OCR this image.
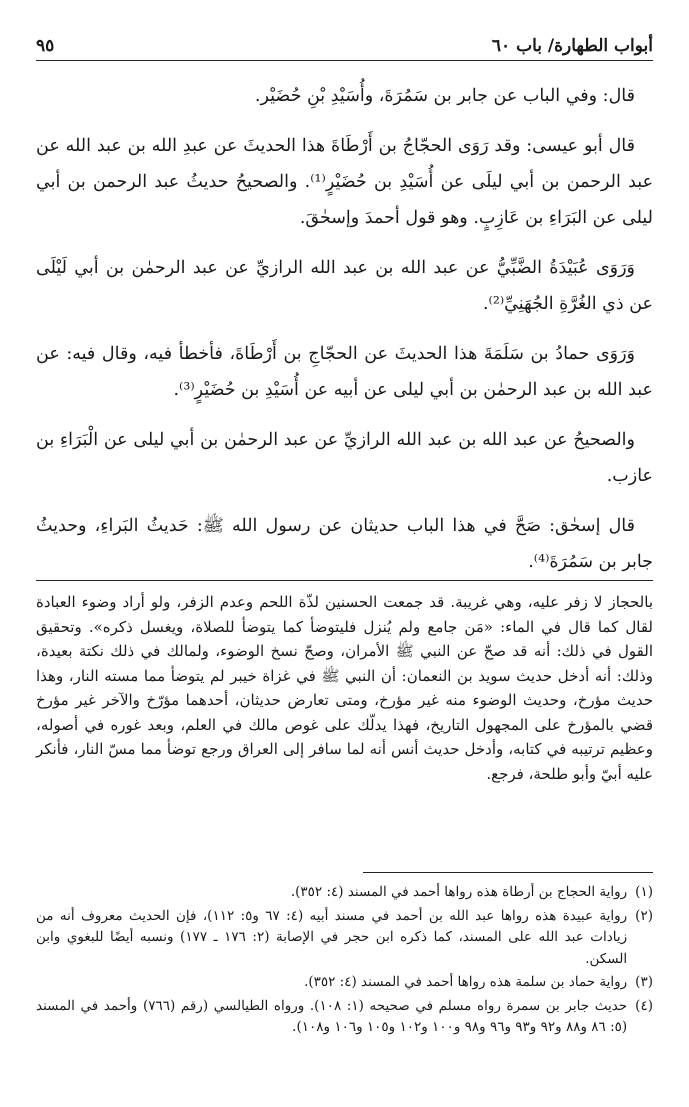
أبواب الطهارة/ باب ٦٠
٩٥

قال: وفي الباب عن جابر بن سَمُرَةَ، وأُسَيْدِ بْنِ حُضَيْر.

قال أبو عيسى: وقد رَوَى الحجّاجُ بن أَرْطَاةَ هذا الحديثَ عن عبدِ الله بن عبد الله عن عبد الرحمن بن أبي ليلَى عن أُسَيْدِ بن حُضَيْرٍ⁽¹⁾. والصحيحُ حديثُ عبد الرحمن بن أبي ليلى عن البَرَاءِ بن عَازِبٍ. وهو قول أحمدَ وإسحٰقَ.

وَرَوَى عُبَيْدَةُ الضَّبِّيُّ عن عبد الله بن عبد الله الرازيِّ عن عبد الرحمٰن بن أبي لَيْلَى عن ذي الغُرَّةِ الجُهَنِيِّ⁽²⁾.

وَرَوَى حمادُ بن سَلَمَةَ هذا الحديثَ عن الحجّاجِ بن أَرْطَاةَ، فأخطأ فيه، وقال فيه: عن عبد الله بن عبد الرحمٰن بن أبي ليلى عن أبيه عن أُسَيْدِ بن حُضَيْرٍ⁽³⁾.

والصحيحُ عن عبد الله بن عبد الله الرازيِّ عن عبد الرحمٰن بن أبي ليلى عن الْبَرَاءِ بن عازب.

قال إسحٰق: صَحَّ في هذا الباب حديثان عن رسول الله ﷺ: حَديثُ البَراءِ، وحديثُ جابر بن سَمُرَةَ⁽⁴⁾.

بالحجاز لا زفر عليه، وهي غريبة. قد جمعت الحسنين لذّة اللحم وعدم الزفر، ولو أراد وضوء العبادة لقال كما قال في الماء: «مَن جامع ولم يُنزل فليتوضأ كما يتوضأ للصلاة، ويغسل ذكره». وتحقيق القول في ذلك: أنه قد صحّ عن النبي ﷺ الأمران، وصحّ نسخ الوضوء، ولمالك في ذلك نكتة بعيدة، وذلك: أنه أدخل حديث سويد بن النعمان: أن النبي ﷺ في غزاة خيبر لم يتوضأ مما مسته النار، وهذا حديث مؤرخ، وحديث الوضوء منه غير مؤرخ، ومتى تعارض حديثان، أحدهما مؤرّخ والآخر غير مؤرخ قضي بالمؤرخ على المجهول التاريخ، فهذا يدلّك على غوص مالك في العلم، وبعد غوره في أصوله، وعظيم ترتيبه في كتابه، وأدخل حديث أنس أنه لما سافر إلى العراق ورجع توضأ مما مسّ النار، فأنكر عليه أبيّ وأبو طلحة، فرجع.

(١)
رواية الحجاج بن أرطاة هذه رواها أحمد في المسند (٤: ٣٥٢).
(٢)
رواية عبيدة هذه رواها عبد الله بن أحمد في مسند أبيه (٤: ٦٧ و٥: ١١٢)، فإن الحديث معروف أنه من زيادات عبد الله على المسند، كما ذكره ابن حجر في الإصابة (٢: ١٧٦ ـ ١٧٧) ونسبه أيضًا للبغوي وابن السكن.
(٣)
رواية حماد بن سلمة هذه رواها أحمد في المسند (٤: ٣٥٢).
(٤)
حديث جابر بن سمرة رواه مسلم في صحيحه (١: ١٠٨). ورواه الطيالسي (رقم (٧٦٦) وأحمد في المسند (٥: ٨٦ و٨٨ و٩٢ و٩٣ و٩٦ و٩٨ و١٠٠ و١٠٢ و١٠٥ و١٠٦ و١٠٨).
